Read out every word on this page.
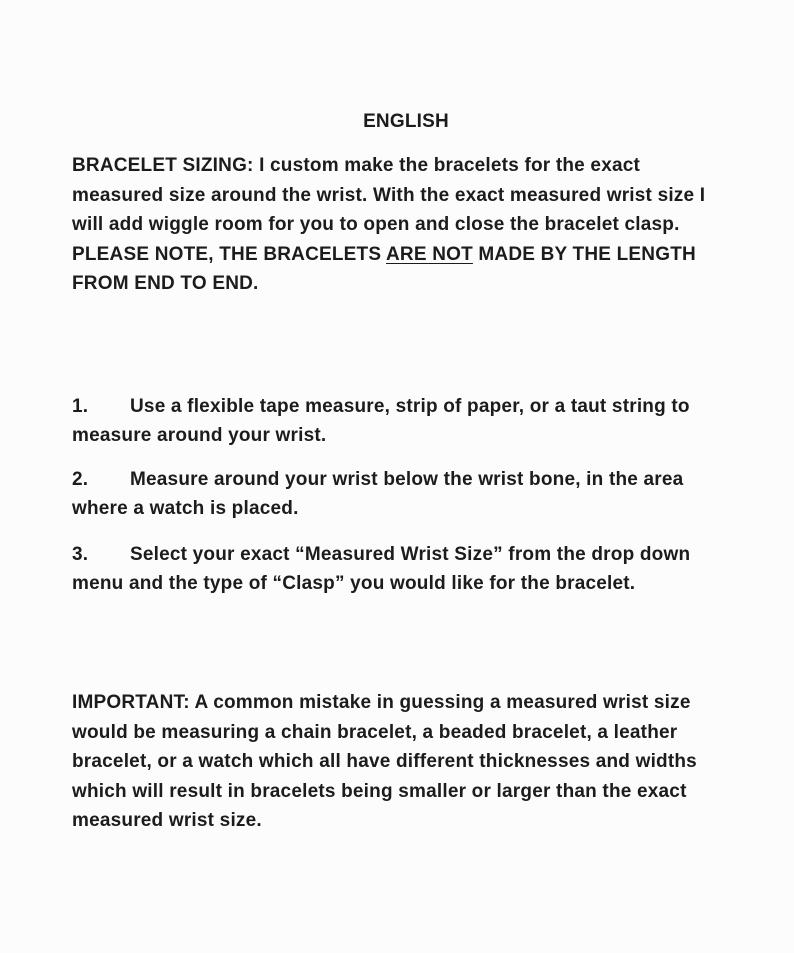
ENGLISH
BRACELET SIZING: I custom make the bracelets for the exact measured size around the wrist. With the exact measured wrist size I will add wiggle room for you to open and close the bracelet clasp. PLEASE NOTE, THE BRACELETS ARE NOT MADE BY THE LENGTH FROM END TO END.
1. Use a flexible tape measure, strip of paper, or a taut string to measure around your wrist.
2. Measure around your wrist below the wrist bone, in the area where a watch is placed.
3. Select your exact “Measured Wrist Size” from the drop down menu and the type of “Clasp” you would like for the bracelet.
IMPORTANT: A common mistake in guessing a measured wrist size would be measuring a chain bracelet, a beaded bracelet, a leather bracelet, or a watch which all have different thicknesses and widths which will result in bracelets being smaller or larger than the exact measured wrist size.
